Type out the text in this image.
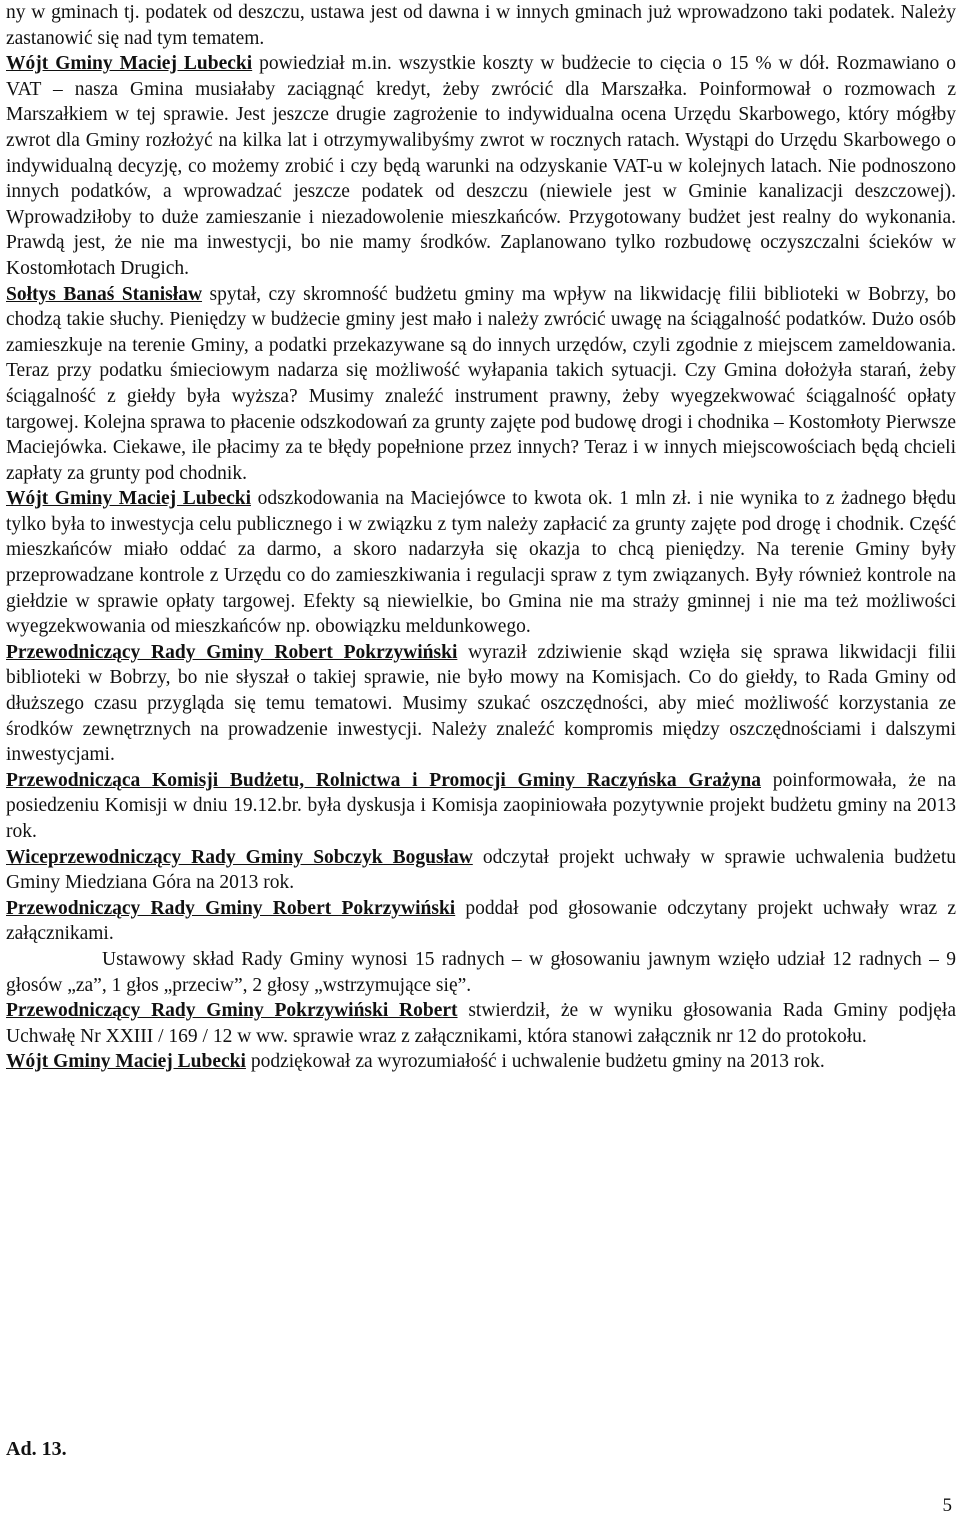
ny w gminach tj. podatek od deszczu, ustawa jest od dawna i w innych gminach już wprowadzono taki podatek. Należy zastanowić się nad tym tematem.

Wójt Gminy Maciej Lubecki powiedział m.in. wszystkie koszty w budżecie to cięcia o 15 % w dół. Rozmawiano o VAT – nasza Gmina musiałaby zaciągnąć kredyt, żeby zwrócić dla Marszałka. Poinformował o rozmowach z Marszałkiem w tej sprawie. Jest jeszcze drugie zagrożenie to indywidualna ocena Urzędu Skarbowego, który mógłby zwrot dla Gminy rozłożyć na kilka lat i otrzymywalibyśmy zwrot w rocznych ratach. Wystąpi do Urzędu Skarbowego o indywidualną decyzję, co możemy zrobić i czy będą warunki na odzyskanie VAT-u w kolejnych latach. Nie podnoszono innych podatków, a wprowadzać jeszcze podatek od deszczu (niewiele jest w Gminie kanalizacji deszczowej). Wprowadziłoby to duże zamieszanie i niezadowolenie mieszkańców. Przygotowany budżet jest realny do wykonania. Prawdą jest, że nie ma inwestycji, bo nie mamy środków. Zaplanowano tylko rozbudowę oczyszczalni ścieków w Kostomłotach Drugich.

Sołtys Banaś Stanisław spytał, czy skromność budżetu gminy ma wpływ na likwidację filii biblioteki w Bobrzy, bo chodzą takie słuchy. Pieniędzy w budżecie gminy jest mało i należy zwrócić uwagę na ściągalność podatków. Dużo osób zamieszkuje na terenie Gminy, a podatki przekazywane są do innych urzędów, czyli zgodnie z miejscem zameldowania. Teraz przy podatku śmieciowym nadarza się możliwość wyłapania takich sytuacji. Czy Gmina dołożyła starań, żeby ściągalność z giełdy była wyższa? Musimy znaleźć instrument prawny, żeby wyegzekwować ściągalność opłaty targowej. Kolejna sprawa to płacenie odszkodowań za grunty zajęte pod budowę drogi i chodnika – Kostomłoty Pierwsze Maciejówka. Ciekawe, ile płacimy za te błędy popełnione przez innych? Teraz i w innych miejscowościach będą chcieli zapłaty za grunty pod chodnik.

Wójt Gminy Maciej Lubecki odszkodowania na Maciejówce to kwota ok. 1 mln zł. i nie wynika to z żadnego błędu tylko była to inwestycja celu publicznego i w związku z tym należy zapłacić za grunty zajęte pod drogę i chodnik. Część mieszkańców miało oddać za darmo, a skoro nadarzyła się okazja to chcą pieniędzy. Na terenie Gminy były przeprowadzane kontrole z Urzędu co do zamieszkiwania i regulacji spraw z tym związanych. Były również kontrole na giełdzie w sprawie opłaty targowej. Efekty są niewielkie, bo Gmina nie ma straży gminnej i nie ma też możliwości wyegzekwowania od mieszkańców np. obowiązku meldunkowego.

Przewodniczący Rady Gminy Robert Pokrzywiński wyraził zdziwienie skąd wzięła się sprawa likwidacji filii biblioteki w Bobrzy, bo nie słyszał o takiej sprawie, nie było mowy na Komisjach. Co do giełdy, to Rada Gminy od dłuższego czasu przygląda się temu tematowi. Musimy szukać oszczędności, aby mieć możliwość korzystania ze środków zewnętrznych na prowadzenie inwestycji. Należy znaleźć kompromis między oszczędnościami i dalszymi inwestycjami.

Przewodnicząca Komisji Budżetu, Rolnictwa i Promocji Gminy Raczyńska Grażyna poinformowała, że na posiedzeniu Komisji w dniu 19.12.br. była dyskusja i Komisja zaopiniowała pozytywnie projekt budżetu gminy na 2013 rok.

Wiceprzewodniczący Rady Gminy Sobczyk Bogusław odczytał projekt uchwały w sprawie uchwalenia budżetu Gminy Miedziana Góra na 2013 rok.

Przewodniczący Rady Gminy Robert Pokrzywiński poddał pod głosowanie odczytany projekt uchwały wraz z załącznikami.

Ustawowy skład Rady Gminy wynosi 15 radnych – w głosowaniu jawnym wzięło udział 12 radnych – 9 głosów „za”, 1 głos „przeciw”, 2 głosy „wstrzymujące się”.

Przewodniczący Rady Gminy Pokrzywiński Robert stwierdził, że w wyniku głosowania Rada Gminy podjęła Uchwałę Nr XXIII / 169 / 12 w ww. sprawie wraz z załącznikami, która stanowi załącznik nr 12 do protokołu.

Wójt Gminy Maciej Lubecki podziękował za wyrozumiałość i uchwalenie budżetu gminy na 2013 rok.

Ad. 13.

5
